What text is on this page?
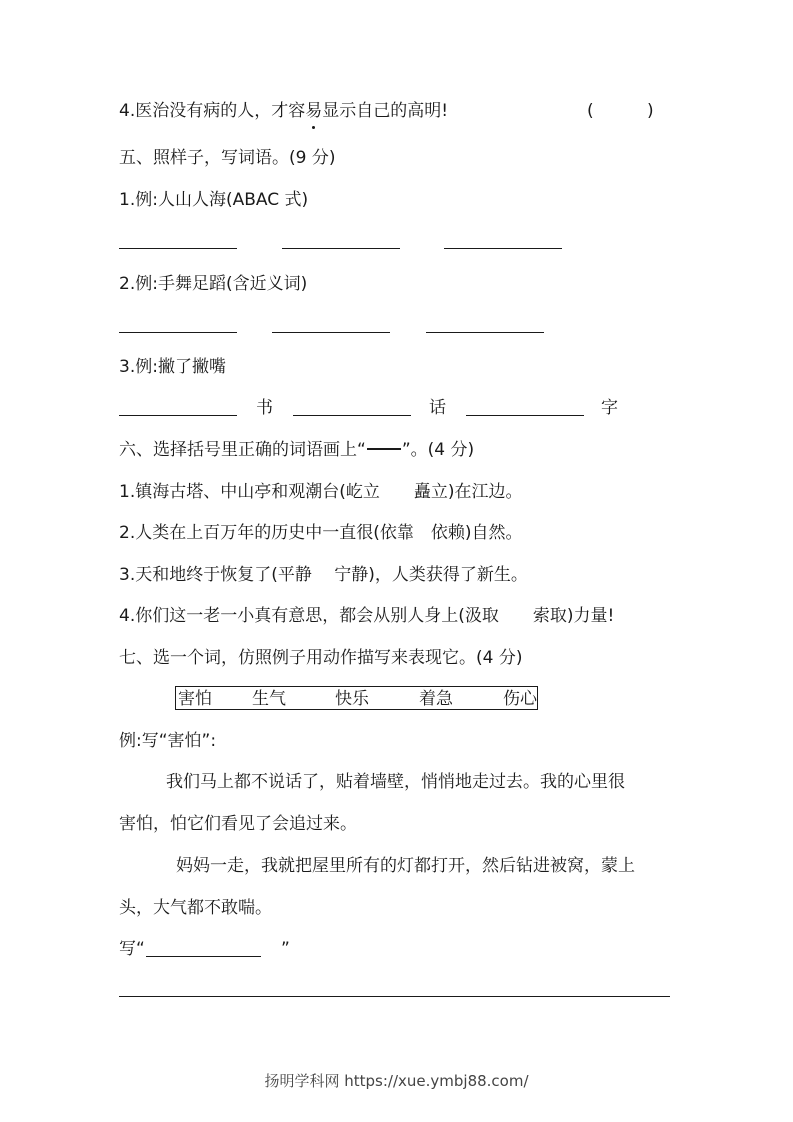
4.医治没有病的人，才容易显示自己的高明!	(	)
五、照样子，写词语。(9 分)
1.例:人山人海(ABAC 式)
2.例:手舞足蹈(含近义词)
3.例:撇了撇嘴
书	话	字
六、选择括号里正确的词语画上“ ”。(4 分)
1.镇海古塔、中山亭和观潮台(屹立　　矗立)在江边。
2.人类在上百万年的历史中一直很(依靠　依赖)自然。
3.天和地终于恢复了(平静　 宁静)，人类获得了新生。
4.你们这一老一小真有意思，都会从别人身上(汲取　　索取)力量!
七、选一个词，仿照例子用动作描写来表现它。(4 分)
害怕 生气	快乐	着急	伤心
例:写“害怕”:
我们马上都不说话了，贴着墙壁，悄悄地走过去。我的心里很
害怕，怕它们看见了会追过来。
妈妈一走，我就把屋里所有的灯都打开，然后钻进被窝，蒙上
头，大气都不敢喘。
写“	”
扬明学科网 https://xue.ymbj88.com/
